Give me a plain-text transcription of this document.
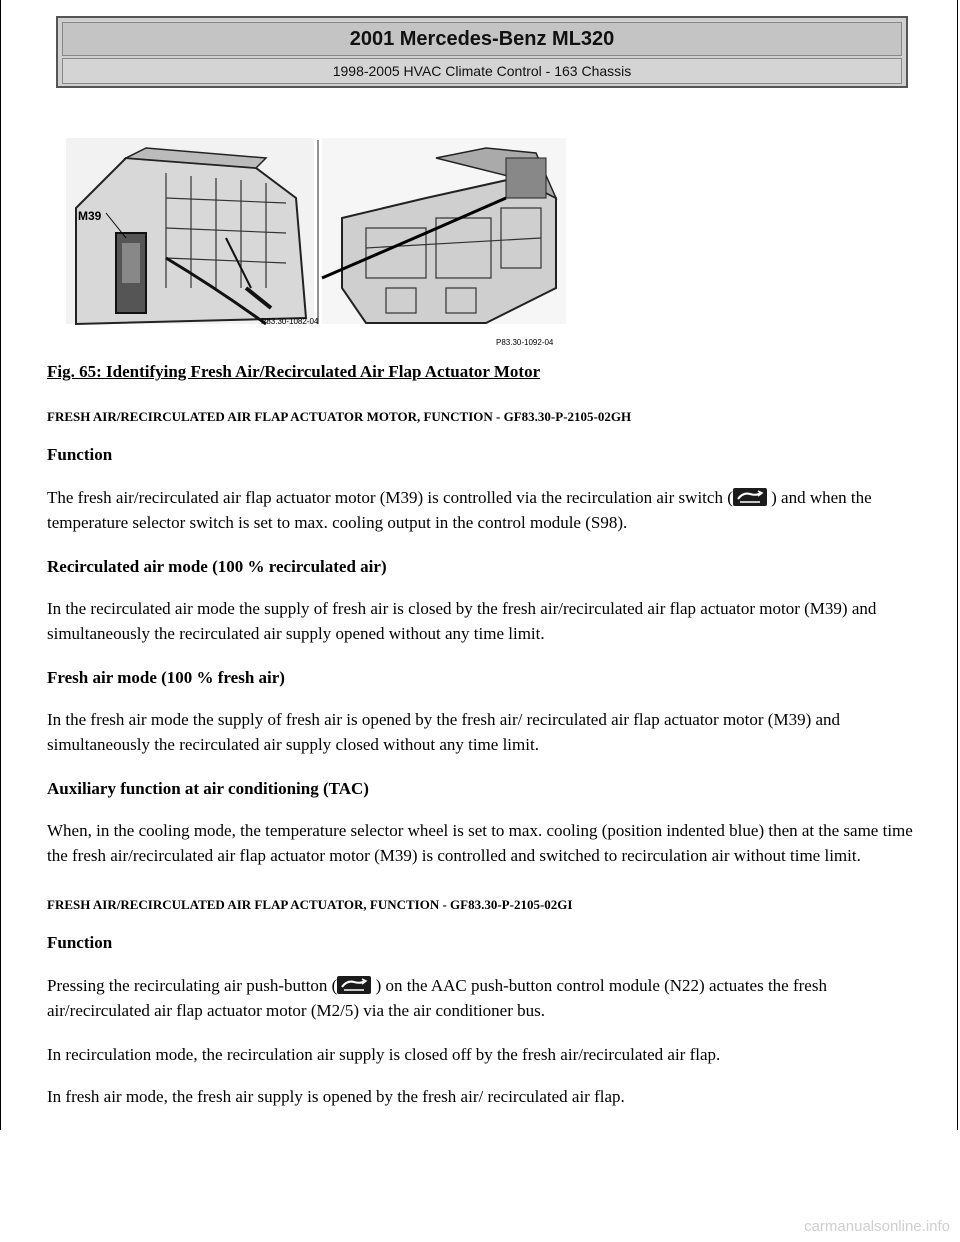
2001 Mercedes-Benz ML320
1998-2005 HVAC Climate Control - 163 Chassis
M39
P83.30-1082-04
P83.30-1092-04
Fig. 65: Identifying Fresh Air/Recirculated Air Flap Actuator Motor
FRESH AIR/RECIRCULATED AIR FLAP ACTUATOR MOTOR, FUNCTION - GF83.30-P-2105-02GH
Function
The fresh air/recirculated air flap actuator motor (M39) is controlled via the recirculation air switch ( ) and when the temperature selector switch is set to max. cooling output in the control module (S98).
Recirculated air mode (100 % recirculated air)
In the recirculated air mode the supply of fresh air is closed by the fresh air/recirculated air flap actuator motor (M39) and simultaneously the recirculated air supply opened without any time limit.
Fresh air mode (100 % fresh air)
In the fresh air mode the supply of fresh air is opened by the fresh air/ recirculated air flap actuator motor (M39) and simultaneously the recirculated air supply closed without any time limit.
Auxiliary function at air conditioning (TAC)
When, in the cooling mode, the temperature selector wheel is set to max. cooling (position indented blue) then at the same time the fresh air/recirculated air flap actuator motor (M39) is controlled and switched to recirculation air without time limit.
FRESH AIR/RECIRCULATED AIR FLAP ACTUATOR, FUNCTION - GF83.30-P-2105-02GI
Function
Pressing the recirculating air push-button ( ) on the AAC push-button control module (N22) actuates the fresh air/recirculated air flap actuator motor (M2/5) via the air conditioner bus.
In recirculation mode, the recirculation air supply is closed off by the fresh air/recirculated air flap.
In fresh air mode, the fresh air supply is opened by the fresh air/ recirculated air flap.
carmanualsonline.info
